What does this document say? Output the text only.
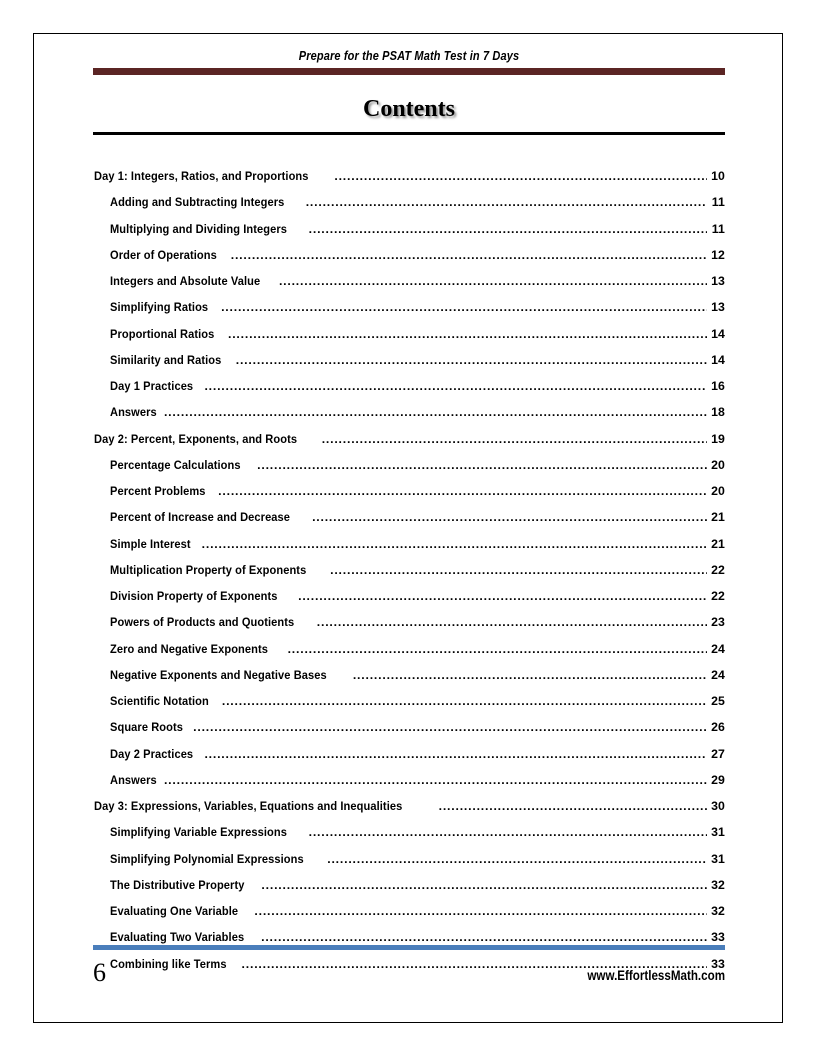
Prepare for the PSAT Math Test in 7 Days
Contents
Day 1: Integers, Ratios, and Proportions .....	10
Adding and Subtracting Integers .....	11
Multiplying and Dividing Integers .....	11
Order of Operations .....	12
Integers and Absolute Value .....	13
Simplifying Ratios .....	13
Proportional Ratios .....	14
Similarity and Ratios .....	14
Day 1 Practices .....	16
Answers .....	18
Day 2: Percent, Exponents, and Roots .....	19
Percentage Calculations .....	20
Percent Problems .....	20
Percent of Increase and Decrease .....	21
Simple Interest .....	21
Multiplication Property of Exponents .....	22
Division Property of Exponents .....	22
Powers of Products and Quotients .....	23
Zero and Negative Exponents .....	24
Negative Exponents and Negative Bases .....	24
Scientific Notation .....	25
Square Roots .....	26
Day 2 Practices .....	27
Answers .....	29
Day 3: Expressions, Variables, Equations and Inequalities .....	30
Simplifying Variable Expressions .....	31
Simplifying Polynomial Expressions .....	31
The Distributive Property .....	32
Evaluating One Variable .....	32
Evaluating Two Variables .....	33
Combining like Terms .....	33
6	www.EffortlessMath.com
